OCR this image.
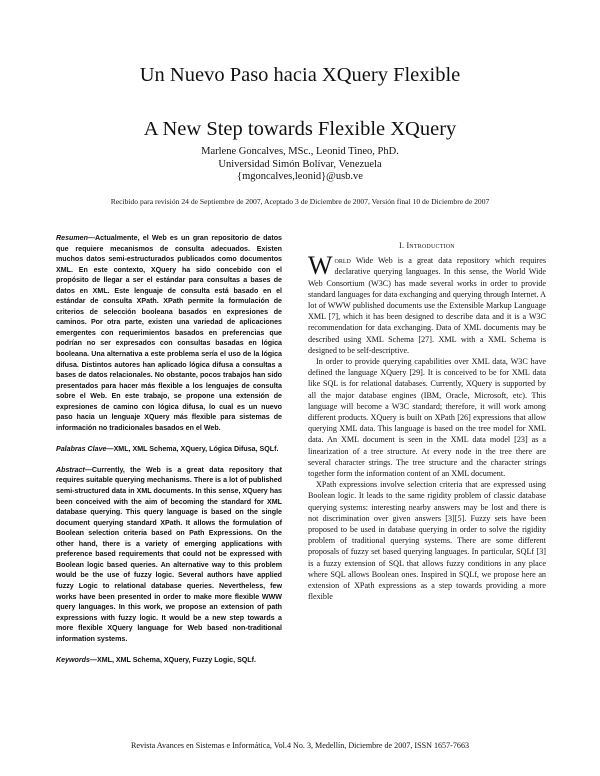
Un Nuevo Paso hacia XQuery Flexible
A New Step towards Flexible XQuery
Marlene Goncalves, MSc., Leonid Tineo, PhD.
Universidad Simón Bolívar, Venezuela
{mgoncalves,leonid}@usb.ve
Recibido para revisión 24 de Septiembre de 2007, Aceptado 3 de Diciembre de 2007, Versión final 10 de Diciembre de 2007

Resumen—Actualmente, el Web es un gran repositorio de datos que requiere mecanismos de consulta adecuados. Existen muchos datos semi-estructurados publicados como documentos XML. En este contexto, XQuery ha sido concebido con el propósito de llegar a ser el estándar para consultas a bases de datos en XML. Este lenguaje de consulta está basado en el estándar de consulta XPath. XPath permite la formulación de criterios de selección booleana basados en expresiones de caminos. Por otra parte, existen una variedad de aplicaciones emergentes con requerimientos basados en preferencias que podrían no ser expresados con consultas basadas en lógica booleana. Una alternativa a este problema sería el uso de la lógica difusa. Distintos autores han aplicado lógica difusa a consultas a bases de datos relacionales. No obstante, pocos trabajos han sido presentados para hacer más flexible a los lenguajes de consulta sobre el Web. En este trabajo, se propone una extensión de expresiones de camino con lógica difusa, lo cual es un nuevo paso hacia un lenguaje XQuery más flexible para sistemas de información no tradicionales basados en el Web.

Palabras Clave—XML, XML Schema, XQuery, Lógica Difusa, SQLf.

Abstract—Currently, the Web is a great data repository that requires suitable querying mechanisms. There is a lot of published semi-structured data in XML documents. In this sense, XQuery has been conceived with the aim of becoming the standard for XML database querying. This query language is based on the single document querying standard XPath. It allows the formulation of Boolean selection criteria based on Path Expressions. On the other hand, there is a variety of emerging applications with preference based requirements that could not be expressed with Boolean logic based queries. An alternative way to this problem would be the use of fuzzy logic. Several authors have applied fuzzy Logic to relational database queries. Nevertheless, few works have been presented in order to make more flexible WWW query languages. In this work, we propose an extension of path expressions with fuzzy logic. It would be a new step towards a more flexible XQuery language for Web based non-traditional information systems.

Keywords—XML, XML Schema, XQuery, Fuzzy Logic, SQLf.

I. Introduction

World Wide Web is a great data repository which requires declarative querying languages. In this sense, the World Wide Web Consortium (W3C) has made several works in order to provide standard languages for data exchanging and querying through Internet. A lot of WWW published documents use the Extensible Markup Language XML [7], which it has been designed to describe data and it is a W3C recommendation for data exchanging. Data of XML documents may be described using XML Schema [27]. XML with a XML Schema is designed to be self-descriptive.

In order to provide querying capabilities over XML data, W3C have defined the language XQuery [29]. It is conceived to be for XML data like SQL is for relational databases. Currently, XQuery is supported by all the major database engines (IBM, Oracle, Microsoft, etc). This language will become a W3C standard; therefore, it will work among different products. XQuery is built on XPath [26] expressions that allow querying XML data. This language is based on the tree model for XML data. An XML document is seen in the XML data model [23] as a linearization of a tree structure. At every node in the tree there are several character strings. The tree structure and the character strings together form the information content of an XML document.

XPath expressions involve selection criteria that are expressed using Boolean logic. It leads to the same rigidity problem of classic database querying systems: interesting nearby answers may be lost and there is not discrimination over given answers [3][5]. Fuzzy sets have been proposed to be used in database querying in order to solve the rigidity problem of traditional querying systems. There are some different proposals of fuzzy set based querying languages. In particular, SQLf [3] is a fuzzy extension of SQL that allows fuzzy conditions in any place where SQL allows Boolean ones. Inspired in SQLf, we propose here an extension of XPath expressions as a step towards providing a more flexible

Revista Avances en Sistemas e Informática, Vol.4 No. 3, Medellín, Diciembre de 2007, ISSN 1657-7663
